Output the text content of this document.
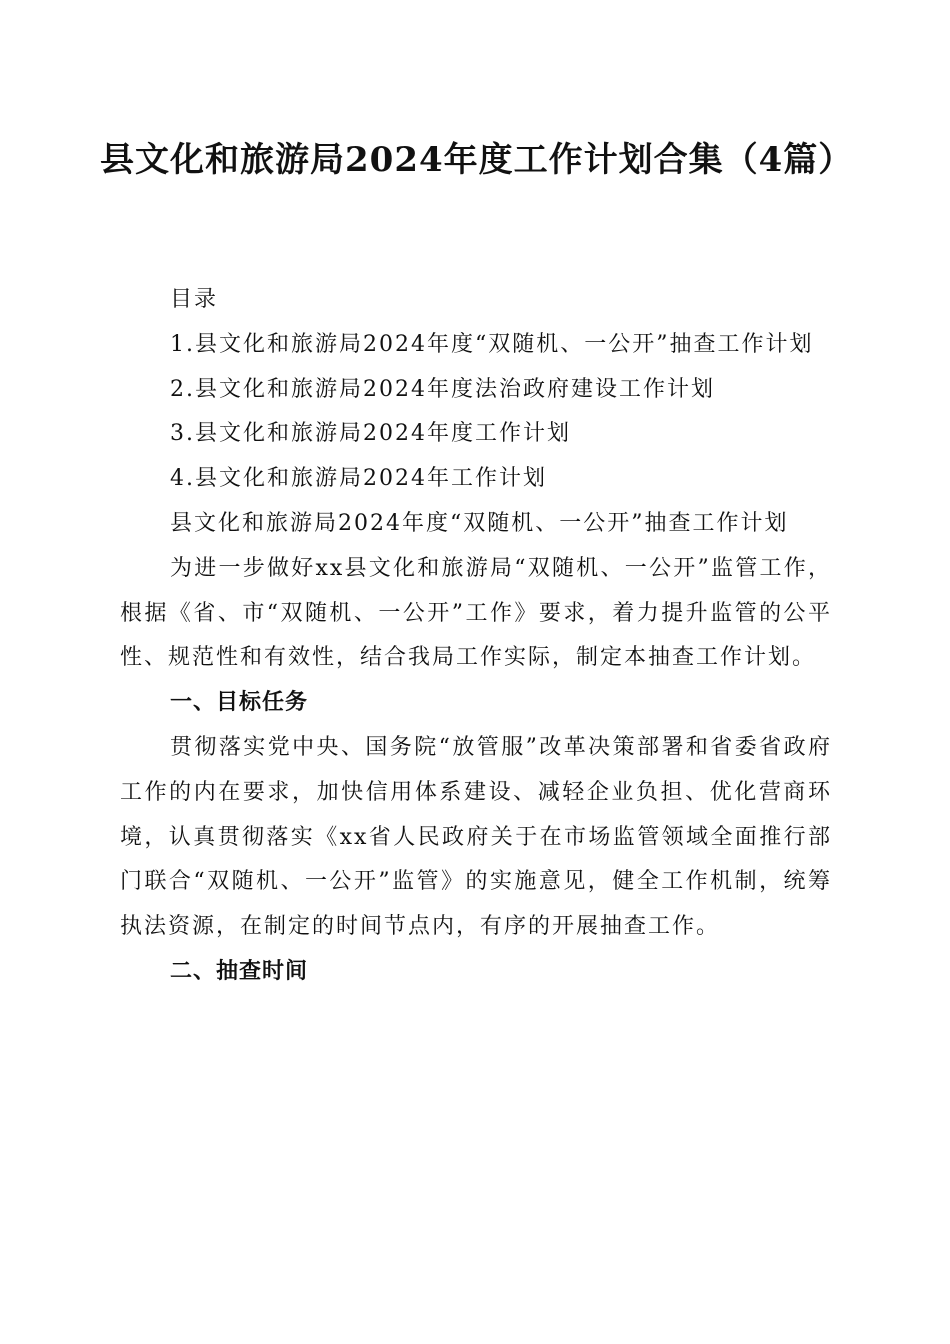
县文化和旅游局2024年度工作计划合集（4篇）

目录

1.县文化和旅游局2024年度“双随机、一公开”抽查工作计划

2.县文化和旅游局2024年度法治政府建设工作计划

3.县文化和旅游局2024年度工作计划

4.县文化和旅游局2024年工作计划

县文化和旅游局2024年度“双随机、一公开”抽查工作计划

为进一步做好xx县文化和旅游局“双随机、一公开”监管工作，根据《省、市“双随机、一公开”工作》要求，着力提升监管的公平性、规范性和有效性，结合我局工作实际，制定本抽查工作计划。

一、目标任务

贯彻落实党中央、国务院“放管服”改革决策部署和省委省政府工作的内在要求，加快信用体系建设、减轻企业负担、优化营商环境，认真贯彻落实《xx省人民政府关于在市场监管领域全面推行部门联合“双随机、一公开”监管》的实施意见，健全工作机制，统筹执法资源，在制定的时间节点内，有序的开展抽查工作。

二、抽查时间
